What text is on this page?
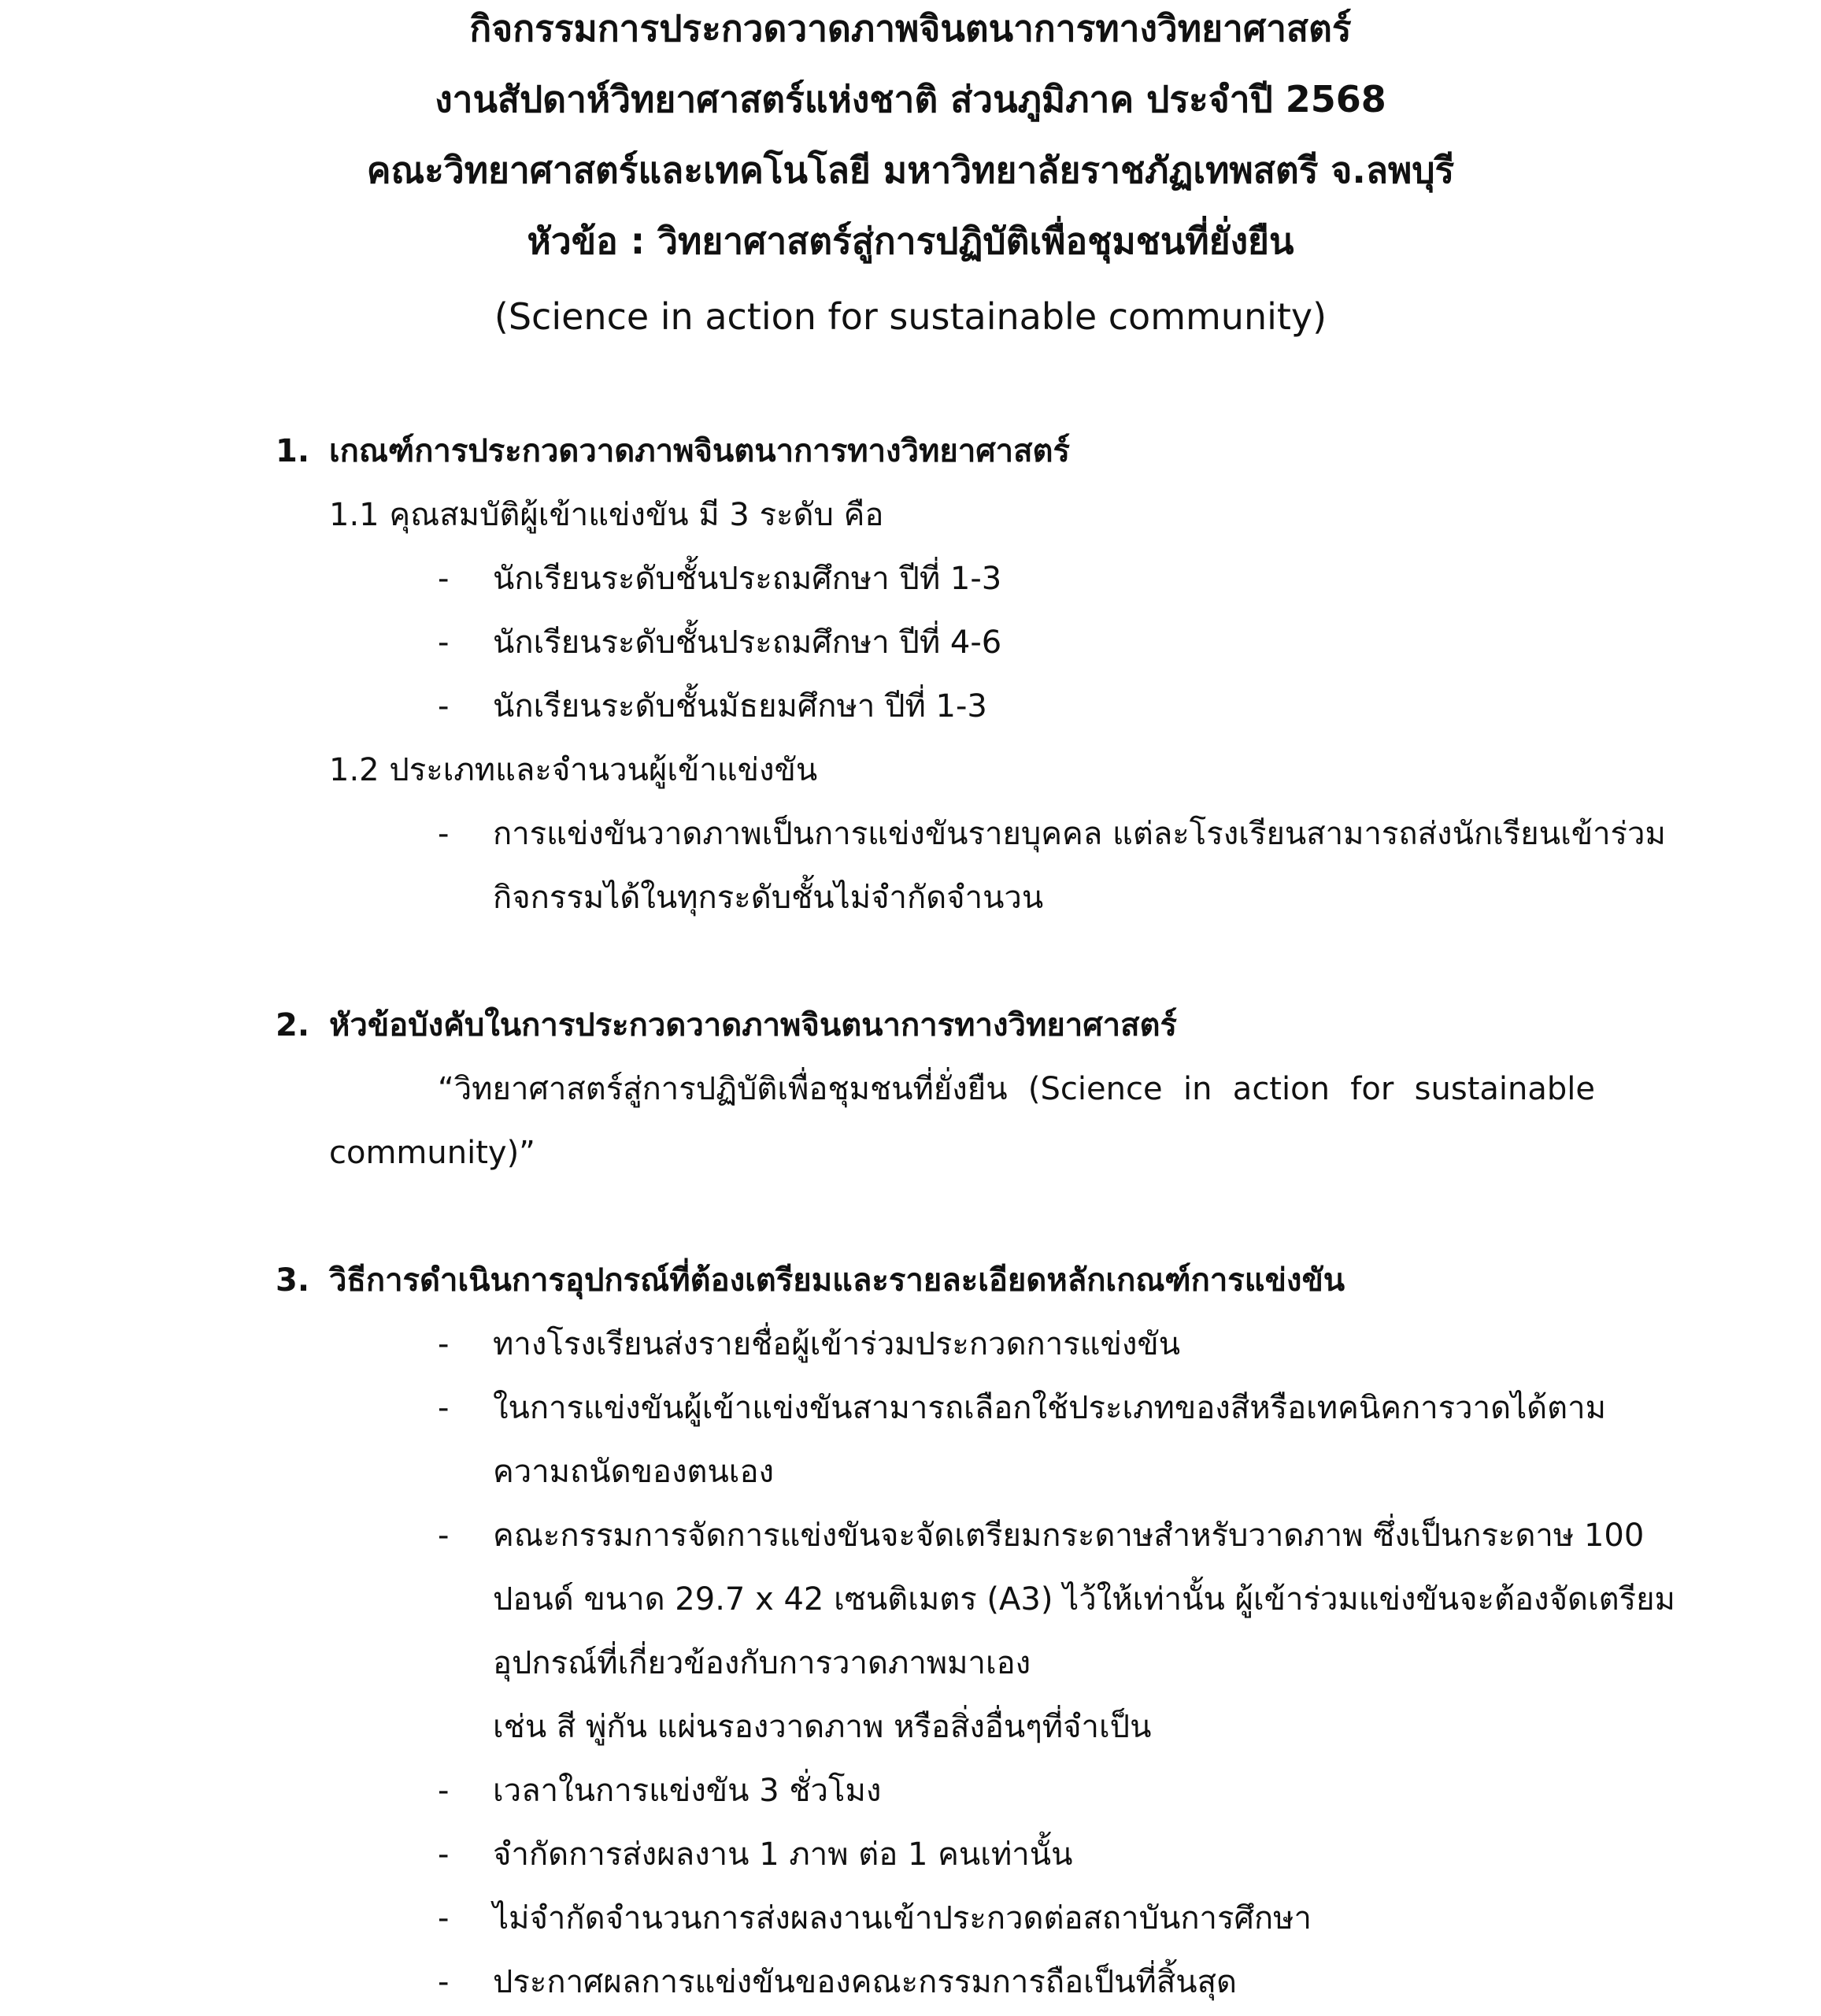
กิจกรรมการประกวดวาดภาพจินตนาการทางวิทยาศาสตร์
งานสัปดาห์วิทยาศาสตร์แห่งชาติ ส่วนภูมิภาค ประจำปี 2568
คณะวิทยาศาสตร์และเทคโนโลยี มหาวิทยาลัยราชภัฏเทพสตรี จ.ลพบุรี
หัวข้อ : วิทยาศาสตร์สู่การปฏิบัติเพื่อชุมชนที่ยั่งยืน
(Science in action for sustainable community)
1. เกณฑ์การประกวดวาดภาพจินตนาการทางวิทยาศาสตร์
1.1 คุณสมบัติผู้เข้าแข่งขัน มี 3 ระดับ คือ
- นักเรียนระดับชั้นประถมศึกษา ปีที่ 1-3
- นักเรียนระดับชั้นประถมศึกษา ปีที่ 4-6
- นักเรียนระดับชั้นมัธยมศึกษา ปีที่ 1-3
1.2 ประเภทและจำนวนผู้เข้าแข่งขัน
- การแข่งขันวาดภาพเป็นการแข่งขันรายบุคคล แต่ละโรงเรียนสามารถส่งนักเรียนเข้าร่วม
กิจกรรมได้ในทุกระดับชั้นไม่จำกัดจำนวน
2. หัวข้อบังคับในการประกวดวาดภาพจินตนาการทางวิทยาศาสตร์
“วิทยาศาสตร์สู่การปฏิบัติเพื่อชุมชนที่ยั่งยืน (Science in action for sustainable
community)”
3. วิธีการดำเนินการอุปกรณ์ที่ต้องเตรียมและรายละเอียดหลักเกณฑ์การแข่งขัน
- ทางโรงเรียนส่งรายชื่อผู้เข้าร่วมประกวดการแข่งขัน
- ในการแข่งขันผู้เข้าแข่งขันสามารถเลือกใช้ประเภทของสีหรือเทคนิคการวาดได้ตาม
ความถนัดของตนเอง
- คณะกรรมการจัดการแข่งขันจะจัดเตรียมกระดาษสำหรับวาดภาพ ซึ่งเป็นกระดาษ 100
ปอนด์ ขนาด 29.7 x 42 เซนติเมตร (A3) ไว้ให้เท่านั้น ผู้เข้าร่วมแข่งขันจะต้องจัดเตรียม
อุปกรณ์ที่เกี่ยวข้องกับการวาดภาพมาเอง
เช่น สี พู่กัน แผ่นรองวาดภาพ หรือสิ่งอื่นๆที่จำเป็น
- เวลาในการแข่งขัน 3 ชั่วโมง
- จำกัดการส่งผลงาน 1 ภาพ ต่อ 1 คนเท่านั้น
- ไม่จำกัดจำนวนการส่งผลงานเข้าประกวดต่อสถาบันการศึกษา
- ประกาศผลการแข่งขันของคณะกรรมการถือเป็นที่สิ้นสุด
